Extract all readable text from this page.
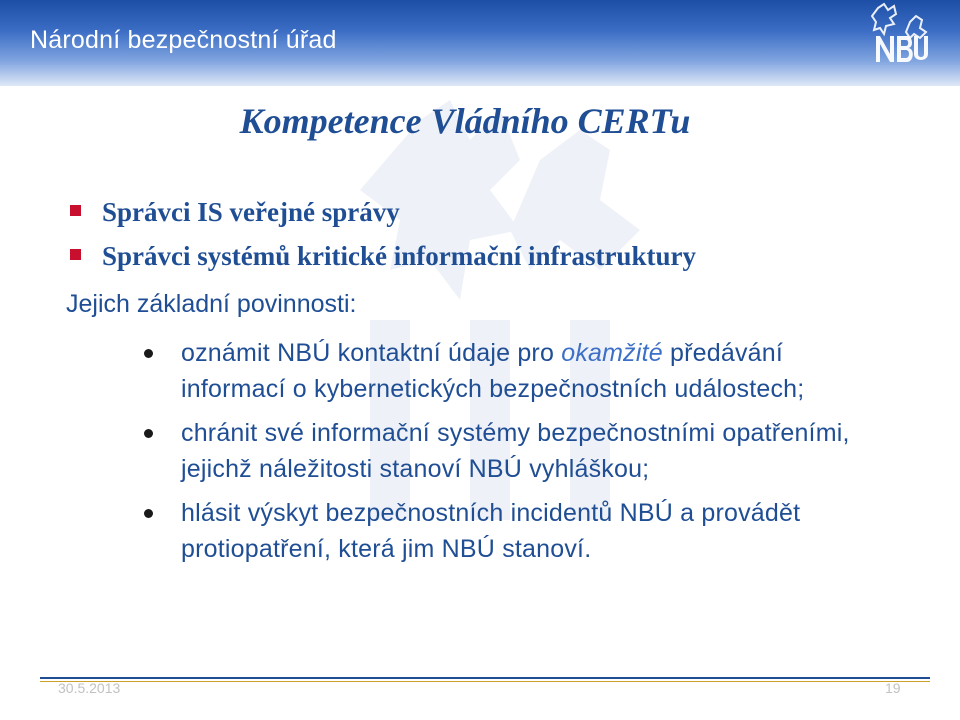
Národní bezpečnostní úřad
Kompetence Vládního CERTu
Správci IS veřejné správy
Správci systémů kritické informační infrastruktury

Jejich základní povinnosti:

oznámit NBÚ kontaktní údaje pro okamžité předávání informací o kybernetických bezpečnostních událostech;
chránit své informační systémy bezpečnostními opatřeními, jejichž náležitosti stanoví NBÚ vyhláškou;
hlásit výskyt bezpečnostních incidentů NBÚ a provádět protiopatření, která jim NBÚ stanoví.
30.5.2013	19
